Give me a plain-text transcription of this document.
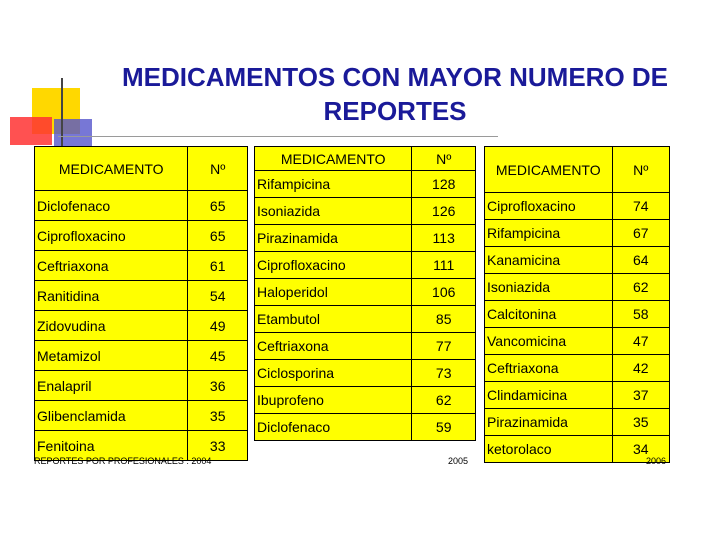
MEDICAMENTOS CON MAYOR NUMERO DE
REPORTES
MEDICAMENTO	Nº
Diclofenaco	65
Ciprofloxacino	65
Ceftriaxona	61
Ranitidina	54
Zidovudina	49
Metamizol	45
Enalapril	36
Glibenclamida	35
Fenitoina	33
REPORTES POR PROFESIONALES : 2004
MEDICAMENTO	Nº
Rifampicina	128
Isoniazida	126
Pirazinamida	113
Ciprofloxacino	111
Haloperidol	106
Etambutol	85
Ceftriaxona	77
Ciclosporina	73
Ibuprofeno	62
Diclofenaco	59
2005
MEDICAMENTO	Nº
Ciprofloxacino	74
Rifampicina	67
Kanamicina	64
Isoniazida	62
Calcitonina	58
Vancomicina	47
Ceftriaxona	42
Clindamicina	37
Pirazinamida	35
ketorolaco	34
2006
